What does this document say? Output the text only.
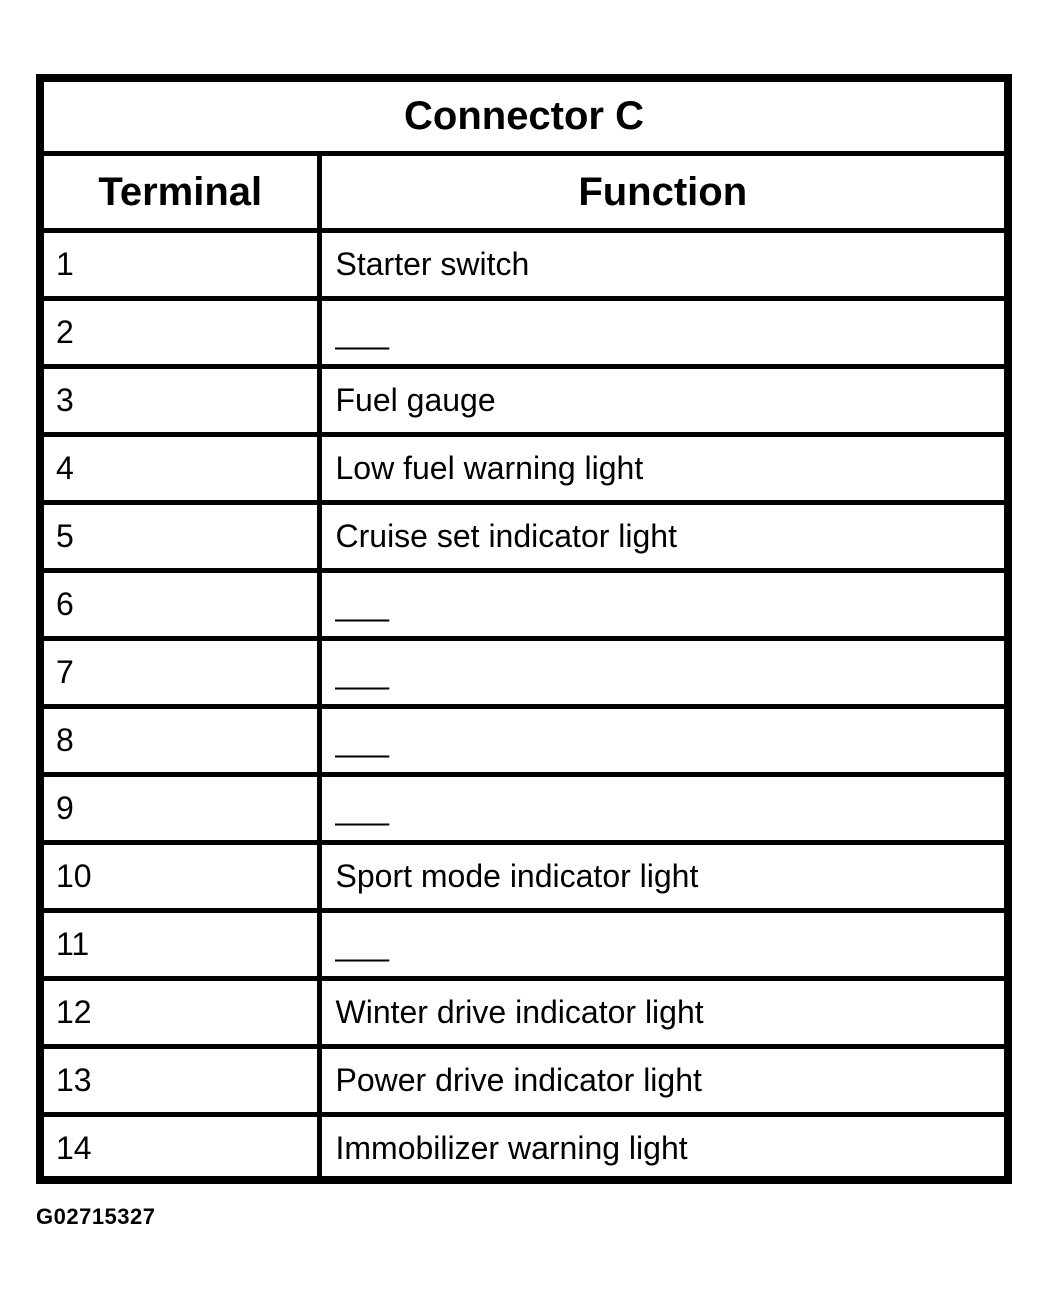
Connector C	
Terminal	Function
1	Starter switch
2	___
3	Fuel gauge
4	Low fuel warning light
5	Cruise set indicator light
6	___
7	___
8	___
9	___
10	Sport mode indicator light
11	___
12	Winter drive indicator light
13	Power drive indicator light
14	Immobilizer warning light
G02715327
